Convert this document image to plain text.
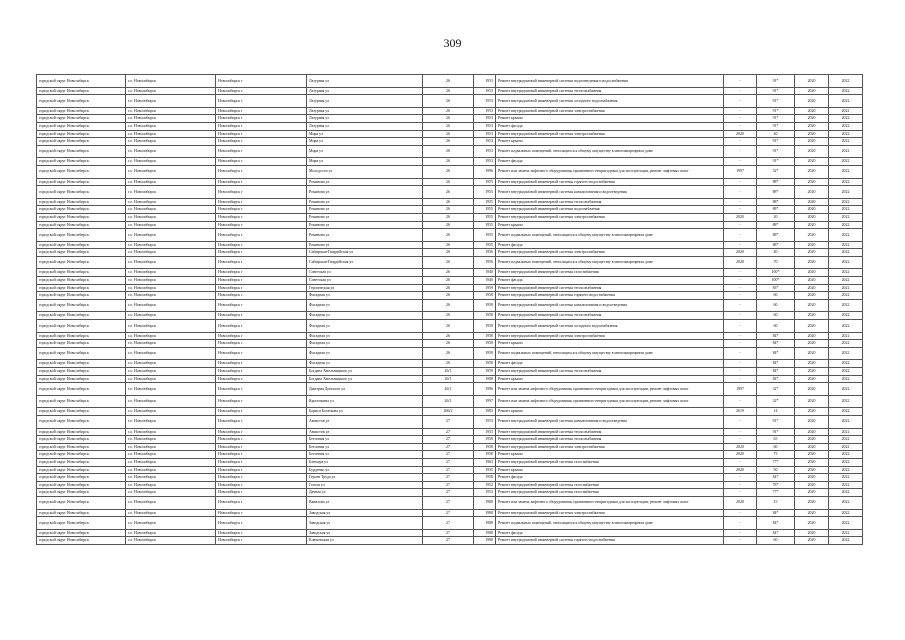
309
городской округ Новосибирск	г.о. Новосибирск	Новосибирск г	Лазурная ул	26	1953	Ремонт внутридомовой инженерной системы водоотведения и водоснабжения	-	91*	2020	2022
городской округ Новосибирск	г.о. Новосибирск	Новосибирск г	Лазурная ул	26	1953	Ремонт внутридомовой инженерной системы теплоснабжения	-	91*	2020	2022
городской округ Новосибирск	г.о. Новосибирск	Новосибирск г	Лазурная ул	26	1953	Ремонт внутридомовой инженерной системы холодного водоснабжения	-	91*	2020	2022
городской округ Новосибирск	г.о. Новосибирск	Новосибирск г	Лазурная ул	26	1953	Ремонт внутридомовой инженерной системы электроснабжения	-	91*	2020	2022
городской округ Новосибирск	г.о. Новосибирск	Новосибирск г	Лазурная ул	26	1953	Ремонт крыши	-	91*	2020	2022
городской округ Новосибирск	г.о. Новосибирск	Новосибирск г	Лазурная ул	26	1953	Ремонт фасада	-	91*	2020	2022
городской округ Новосибирск	г.о. Новосибирск	Новосибирск г	Мира ул	26	1953	Ремонт внутридомовой инженерной системы электроснабжения	2020	40	2020	2022
городской округ Новосибирск	г.о. Новосибирск	Новосибирск г	Мира ул	26	1953	Ремонт крыши	-	91*	2020	2022
городской округ Новосибирск	г.о. Новосибирск	Новосибирск г	Мира ул	26	1953	Ремонт подвальных помещений, относящихся к общему имуществу в многоквартирном доме	-	91*	2020	2022
городской округ Новосибирск	г.о. Новосибирск	Новосибирск г	Мира ул	26	1953	Ремонт фасада	-	91*	2020	2022
городской округ Новосибирск	г.о. Новосибирск	Новосибирск г	Молодости ул	26	1996	Ремонт или замена лифтового оборудования, признанного непригодным для эксплуатации, ремонт лифтовых шахт	1997	32*	2020	2022
городской округ Новосибирск	г.о. Новосибирск	Новосибирск г	Романова ул	26	1955	Ремонт внутридомовой инженерной системы горячего водоснабжения	-	88*	2020	2022
городской округ Новосибирск	г.о. Новосибирск	Новосибирск г	Романова ул	26	1955	Ремонт внутридомовой инженерной системы канализования и водоотведения	-	88*	2020	2022
городской округ Новосибирск	г.о. Новосибирск	Новосибирск г	Романова ул	26	1955	Ремонт внутридомовой инженерной системы теплоснабжения	-	88*	2020	2022
городской округ Новосибирск	г.о. Новосибирск	Новосибирск г	Романова ул	26	1955	Ремонт внутридомовой инженерной системы водоснабжения	-	88*	2020	2022
городской округ Новосибирск	г.о. Новосибирск	Новосибирск г	Романова ул	26	1955	Ремонт внутридомовой инженерной системы электроснабжения	2020	20	2020	2022
городской округ Новосибирск	г.о. Новосибирск	Новосибирск г	Романова ул	26	1955	Ремонт крыши	-	88*	2020	2022
городской округ Новосибирск	г.о. Новосибирск	Новосибирск г	Романова ул	26	1955	Ремонт подвальных помещений, относящихся к общему имуществу в многоквартирном доме	-	88*	2020	2022
городской округ Новосибирск	г.о. Новосибирск	Новосибирск г	Романова ул	26	1955	Ремонт фасада	-	88*	2020	2022
городской округ Новосибирск	г.о. Новосибирск	Новосибирск г	Сибирская-Гвардейская ул	26	1956	Ремонт внутридомовой инженерной системы электроснабжения	2020	40	2020	2022
городской округ Новосибирск	г.о. Новосибирск	Новосибирск г	Сибирская-Гвардейская ул	26	1956	Ремонт подвальных помещений, относящихся к общему имуществу в многоквартирном доме	2020	70	2020	2022
городской округ Новосибирск	г.о. Новосибирск	Новосибирск г	Советская ул	26	1940	Ремонт внутридомовой инженерной системы газоснабжения	-	100*	2020	2022
городской округ Новосибирск	г.о. Новосибирск	Новосибирск г	Советская ул	26	1940	Ремонт фасада	-	100*	2020	2022
городской округ Новосибирск	г.о. Новосибирск	Новосибирск г	Героическая ул	26	1959	Ремонт внутридомовой инженерной системы теплоснабжения	-	83*	2020	2022
городской округ Новосибирск	г.о. Новосибирск	Новосибирск г	Фасадная ул	26	1958	Ремонт внутридомовой инженерной системы горячего водоснабжения	-	60	2020	2022
городской округ Новосибирск	г.о. Новосибирск	Новосибирск г	Фасадная ул	26	1958	Ремонт внутридомовой инженерной системы канализования и водоотведения	-	60	2020	2022
городской округ Новосибирск	г.о. Новосибирск	Новосибирск г	Фасадная ул	26	1958	Ремонт внутридомовой инженерной системы теплоснабжения	-	60	2020	2022
городской округ Новосибирск	г.о. Новосибирск	Новосибирск г	Фасадная ул	26	1958	Ремонт внутридомовой инженерной системы холодного водоснабжения	-	60	2020	2022
городской округ Новосибирск	г.о. Новосибирск	Новосибирск г	Фасадная ул	26	1958	Ремонт внутридомовой инженерной системы электроснабжения	-	84*	2020	2022
городской округ Новосибирск	г.о. Новосибирск	Новосибирск г	Фасадная ул	26	1958	Ремонт крыши	-	84*	2020	2022
городской округ Новосибирск	г.о. Новосибирск	Новосибирск г	Фасадная ул	26	1958	Ремонт подвальных помещений, относящихся к общему имуществу в многоквартирном доме	-	84*	2020	2022
городской округ Новосибирск	г.о. Новосибирск	Новосибирск г	Фасадная ул	26	1958	Ремонт фасада	-	84*	2020	2022
городской округ Новосибирск	г.о. Новосибирск	Новосибирск г	Богдана Хмельницкого ул	26/1	1959	Ремонт внутридомовой инженерной системы теплоснабжения	-	84*	2020	2022
городской округ Новосибирск	г.о. Новосибирск	Новосибирск г	Богдана Хмельницкого ул	26/1	1988	Ремонт крыши	-	84*	2020	2022
городской округ Новосибирск	г.о. Новосибирск	Новосибирск г	Дмитрия Донского ул	26/1	1996	Ремонт или замена лифтового оборудования, признанного непригодным для эксплуатации, ремонт лифтовых шахт	1997	32*	2020	2022
городской округ Новосибирск	г.о. Новосибирск	Новосибирск г	Кропоткина ул	26/1	1997	Ремонт или замена лифтового оборудования, признанного непригодным для эксплуатации, ремонт лифтовых шахт	-	32*	2020	2022
городской округ Новосибирск	г.о. Новосибирск	Новосибирск г	Бориса Богаткова ул	266/2	1983	Ремонт крыши	2019	14	2020	2022
городской округ Новосибирск	г.о. Новосибирск	Новосибирск г	Авиастов ул	27	1953	Ремонт внутридомовой инженерной системы канализования и водоотведения	-	91*	2020	2022
городской округ Новосибирск	г.о. Новосибирск	Новосибирск г	Авиастов ул	27	1953	Ремонт внутридомовой инженерной системы теплоснабжения	-	91*	2020	2022
городской округ Новосибирск	г.о. Новосибирск	Новосибирск г	Бетонная ул	27	1958	Ремонт внутридомовой инженерной системы теплоснабжения	-	65	2020	2022
городской округ Новосибирск	г.о. Новосибирск	Новосибирск г	Бетонная ул	27	1958	Ремонт внутридомовой инженерной системы электроснабжения	2020	60	2020	2022
городской округ Новосибирск	г.о. Новосибирск	Новосибирск г	Бетонная ул	27	1958	Ремонт крыши	2020	75	2020	2022
городской округ Новосибирск	г.о. Новосибирск	Новосибирск г	Блюхера ул	27	1963	Ремонт внутридомовой инженерной системы газоснабжения	-	77*	2020	2022
городской округ Новосибирск	г.о. Новосибирск	Новосибирск г	Бурденко ул	27	1935	Ремонт крыши	2020	50	2020	2022
городской округ Новосибирск	г.о. Новосибирск	Новосибирск г	Героев Труда ул	27	1958	Ремонт фасада	-	84*	2020	2022
городской округ Новосибирск	г.о. Новосибирск	Новосибирск г	Гоголя ул	27	1952	Ремонт внутридомовой инженерной системы газоснабжения	-	78*	2020	2022
городской округ Новосибирск	г.о. Новосибирск	Новосибирск г	Дачная ул	27	1953	Ремонт внутридомовой инженерной системы газоснабжения	-	77*	2020	2022
городской округ Новосибирск	г.о. Новосибирск	Новосибирск г	Вавилова ул	27	1988	Ремонт или замена лифтового оборудования, признанного непригодным для эксплуатации, ремонт лифтовых шахт	2020	15	2020	2022
городской округ Новосибирск	г.о. Новосибирск	Новосибирск г	Заводская ул	27	1988	Ремонт внутридомовой инженерной системы электроснабжения	-	84*	2020	2022
городской округ Новосибирск	г.о. Новосибирск	Новосибирск г	Заводская ул	27	1988	Ремонт подвальных помещений, относящихся к общему имуществу в многоквартирном доме	-	84*	2020	2022
городской округ Новосибирск	г.о. Новосибирск	Новосибирск г	Заводская ул	27	1988	Ремонт фасада	-	84*	2020	2022
городской округ Новосибирск	г.о. Новосибирск	Новосибирск г	Ключевская ул	27	1988	Ремонт внутридомовой инженерной системы горячего водоснабжения	-	60	2020	2022
